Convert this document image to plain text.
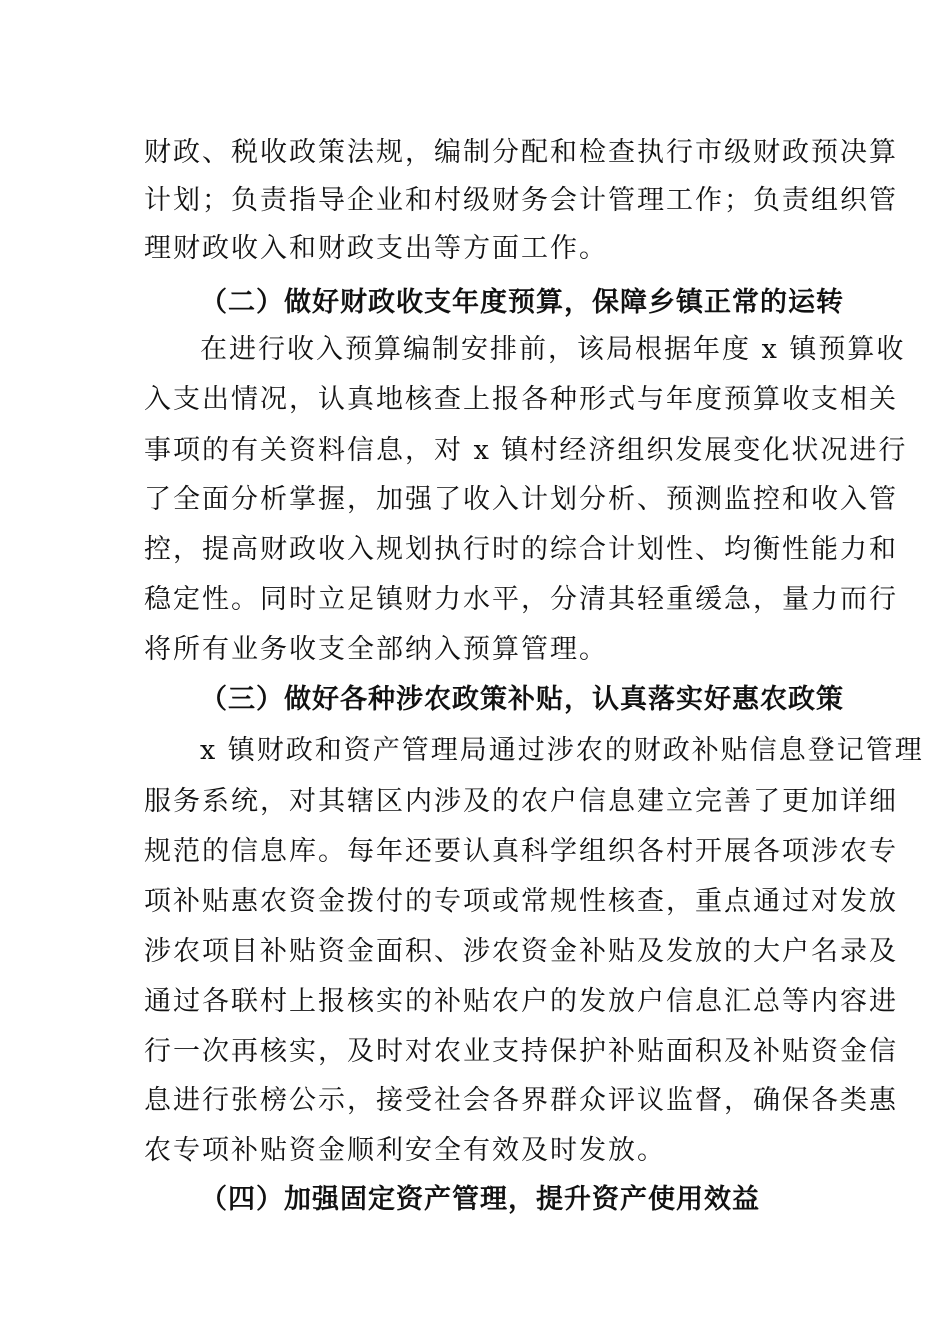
财政、税收政策法规，编制分配和检查执行市级财政预决算
计划；负责指导企业和村级财务会计管理工作；负责组织管
理财政收入和财政支出等方面工作。
（二）做好财政收支年度预算，保障乡镇正常的运转
在进行收入预算编制安排前，该局根据年度 x 镇预算收
入支出情况，认真地核查上报各种形式与年度预算收支相关
事项的有关资料信息，对 x 镇村经济组织发展变化状况进行
了全面分析掌握，加强了收入计划分析、预测监控和收入管
控，提高财政收入规划执行时的综合计划性、均衡性能力和
稳定性。同时立足镇财力水平，分清其轻重缓急，量力而行
将所有业务收支全部纳入预算管理。
（三）做好各种涉农政策补贴，认真落实好惠农政策
x 镇财政和资产管理局通过涉农的财政补贴信息登记管理
服务系统，对其辖区内涉及的农户信息建立完善了更加详细
规范的信息库。每年还要认真科学组织各村开展各项涉农专
项补贴惠农资金拨付的专项或常规性核查，重点通过对发放
涉农项目补贴资金面积、涉农资金补贴及发放的大户名录及
通过各联村上报核实的补贴农户的发放户信息汇总等内容进
行一次再核实，及时对农业支持保护补贴面积及补贴资金信
息进行张榜公示，接受社会各界群众评议监督，确保各类惠
农专项补贴资金顺利安全有效及时发放。
（四）加强固定资产管理，提升资产使用效益
